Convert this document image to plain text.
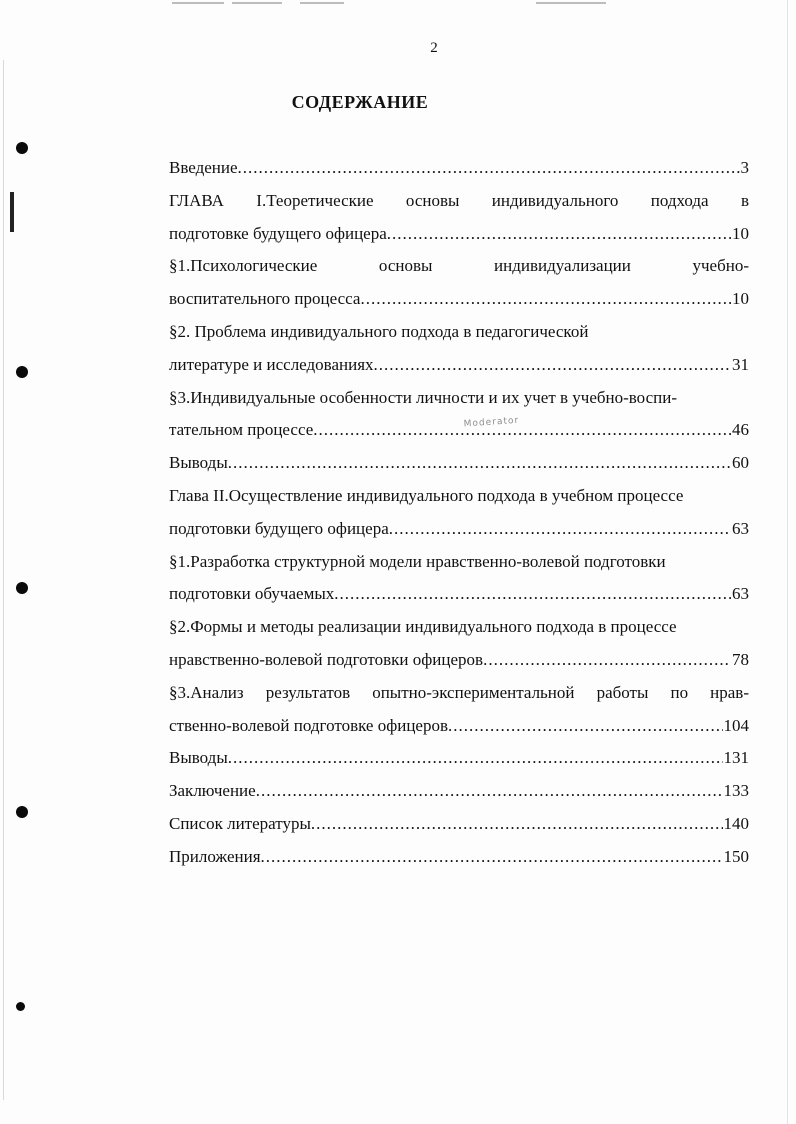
Moderator
2
СОДЕРЖАНИЕ
Введение .....	3
ГЛАВА I.Теоретические основы индивидуального подхода в
подготовке будущего офицера .....	10
§1.Психологические основы индивидуализации учебно-
воспитательного процесса .....	10
§2. Проблема индивидуального подхода в педагогической
литературе и исследованиях .....	31
§3.Индивидуальные особенности личности и их учет в учебно-воспи-
тательном процессе .....	46
Выводы .....	60
Глава II.Осуществление индивидуального подхода в учебном процессе
подготовки будущего офицера .....	63
§1.Разработка структурной модели нравственно-волевой подготовки
подготовки обучаемых .....	63
§2.Формы и методы реализации индивидуального подхода в процессе
нравственно-волевой подготовки офицеров .....	78
§3.Анализ результатов опытно-экспериментальной работы по нрав-
ственно-волевой подготовке офицеров .....	104
Выводы .....	131
Заключение .....	133
Список литературы .....	140
Приложения .....	150
